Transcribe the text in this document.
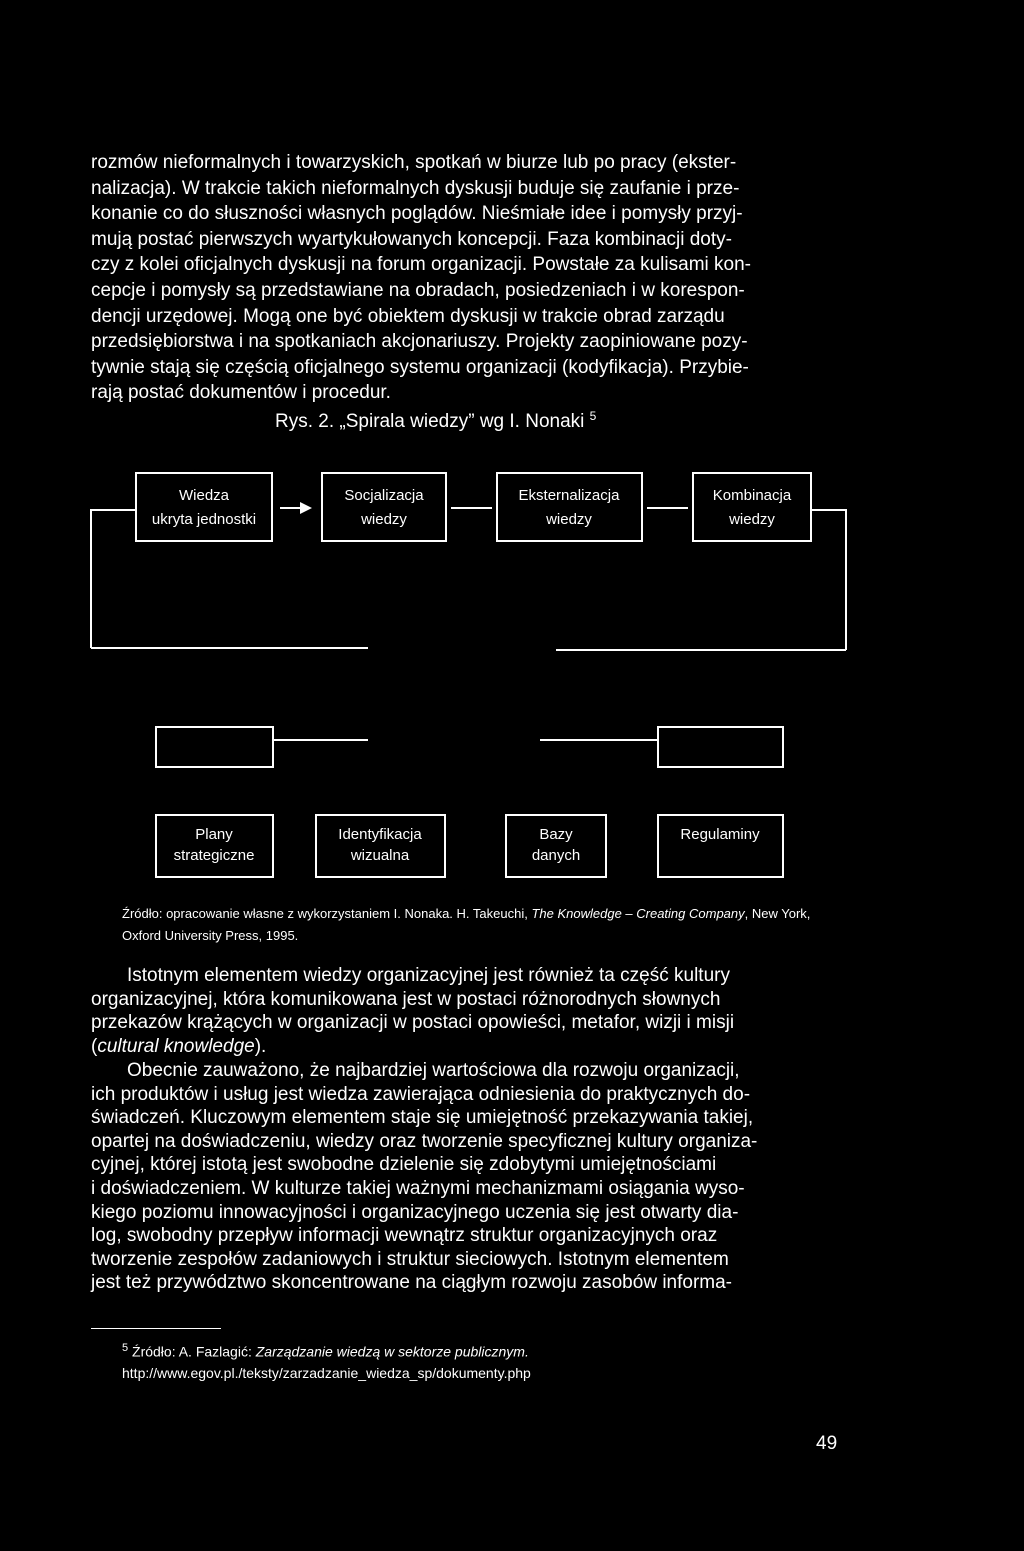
rozmów nieformalnych i towarzyskich, spotkań w biurze lub po pracy (ekster-
nalizacja). W trakcie takich nieformalnych dyskusji buduje się zaufanie i prze-
konanie co do słuszności własnych poglądów. Nieśmiałe idee i pomysły przyj-
mują postać pierwszych wyartykułowanych koncepcji. Faza kombinacji doty-
czy z kolei oficjalnych dyskusji na forum organizacji. Powstałe za kulisami kon-
cepcje i pomysły są przedstawiane na obradach, posiedzeniach i w korespon-
dencji urzędowej. Mogą one być obiektem dyskusji w trakcie obrad zarządu
przedsiębiorstwa i na spotkaniach akcjonariuszy. Projekty zaopiniowane pozy-
tywnie stają się częścią oficjalnego systemu organizacji (kodyfikacja). Przybie-
rają postać dokumentów i procedur.
Rys. 2. „Spirala wiedzy” wg I. Nonaki $^5$
Wiedza
ukryta jednostki
Socjalizacja
wiedzy
Eksternalizacja
wiedzy
Kombinacja
wiedzy
Plany
strategiczne
Identyfikacja
wizualna
Bazy
danych
Regulaminy
Źródło: opracowanie własne z wykorzystaniem I. Nonaka. H. Takeuchi, The Knowledge – Creating Company, New York, Oxford University Press, 1995.
Istotnym elementem wiedzy organizacyjnej jest również ta część kultury
organizacyjnej, która komunikowana jest w postaci różnorodnych słownych
przekazów krążących w organizacji w postaci opowieści, metafor, wizji i misji
(cultural knowledge).
Obecnie zauważono, że najbardziej wartościowa dla rozwoju organizacji,
ich produktów i usług jest wiedza zawierająca odniesienia do praktycznych do-
świadczeń. Kluczowym elementem staje się umiejętność przekazywania takiej,
opartej na doświadczeniu, wiedzy oraz tworzenie specyficznej kultury organiza-
cyjnej, której istotą jest swobodne dzielenie się zdobytymi umiejętnościami
i doświadczeniem. W kulturze takiej ważnymi mechanizmami osiągania wyso-
kiego poziomu innowacyjności i organizacyjnego uczenia się jest otwarty dia-
log, swobodny przepływ informacji wewnątrz struktur organizacyjnych oraz
tworzenie zespołów zadaniowych i struktur sieciowych. Istotnym elementem
jest też przywództwo skoncentrowane na ciągłym rozwoju zasobów informa-
$^5$ Źródło: A. Fazlagić: Zarządzanie wiedzą w sektorze publicznym.
http://www.egov.pl./teksty/zarzadzanie_wiedza_sp/dokumenty.php
49
